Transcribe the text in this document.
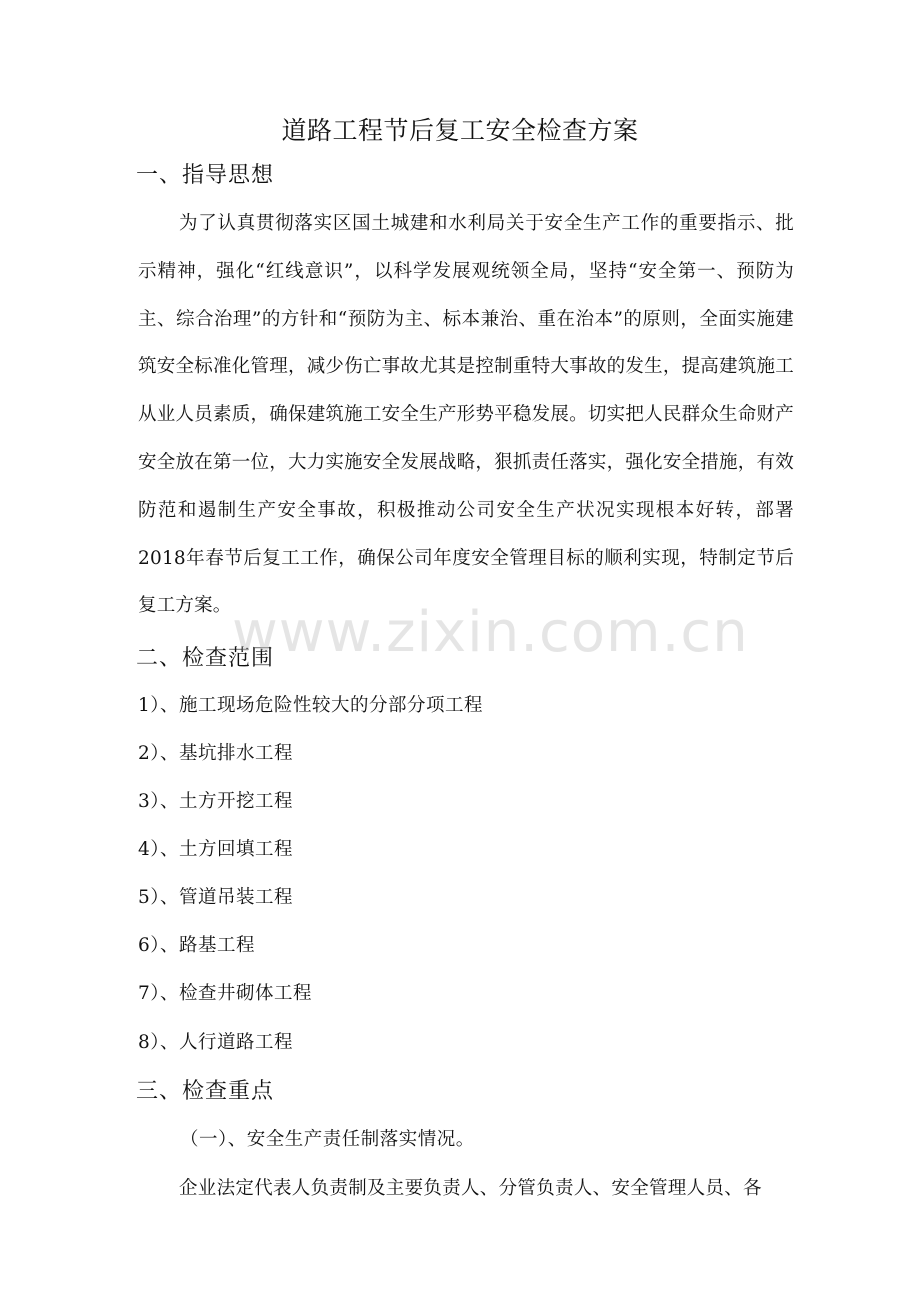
道路工程节后复工安全检查方案
一、指导思想
为了认真贯彻落实区国土城建和水利局关于安全生产工作的重要指示、批示精神，强化“红线意识”，以科学发展观统领全局，坚持“安全第一、预防为主、综合治理”的方针和“预防为主、标本兼治、重在治本”的原则，全面实施建筑安全标准化管理，减少伤亡事故尤其是控制重特大事故的发生，提高建筑施工从业人员素质，确保建筑施工安全生产形势平稳发展。切实把人民群众生命财产安全放在第一位，大力实施安全发展战略，狠抓责任落实，强化安全措施，有效防范和遏制生产安全事故，积极推动公司安全生产状况实现根本好转，部署2018年春节后复工工作，确保公司年度安全管理目标的顺利实现，特制定节后复工方案。
二、检查范围
1）、施工现场危险性较大的分部分项工程
2）、基坑排水工程
3）、土方开挖工程
4）、土方回填工程
5）、管道吊装工程
6）、路基工程
7）、检查井砌体工程
8）、人行道路工程
三、检查重点
（一）、安全生产责任制落实情况。
企业法定代表人负责制及主要负责人、分管负责人、安全管理人员、各
www.zixin.com.cn
